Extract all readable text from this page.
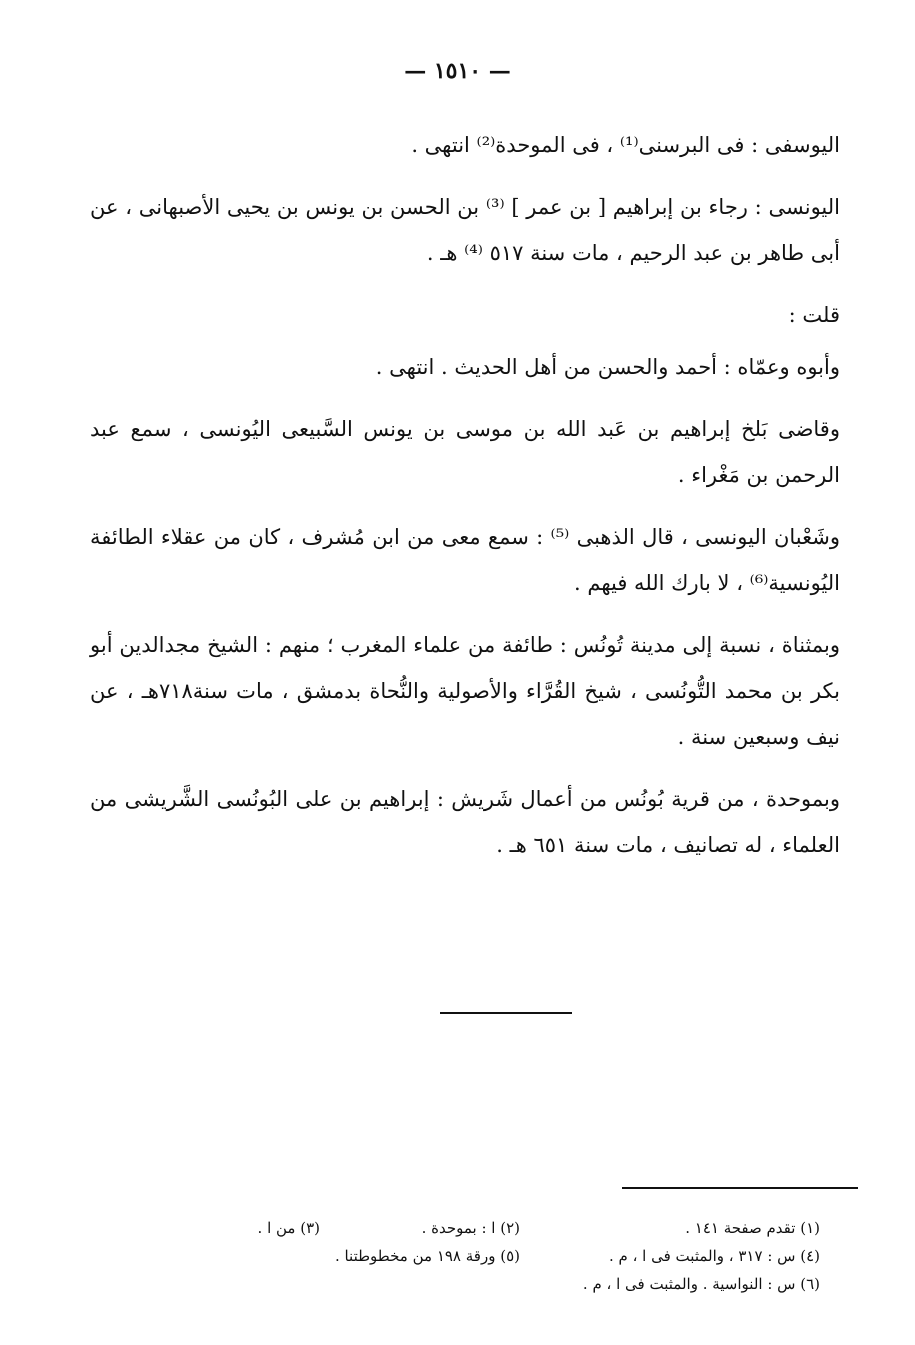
— ١٥١٠ —

اليوسفى : فى البرسنى⁽¹⁾ ، فى الموحدة⁽²⁾ انتهى .

اليونسى : رجاء بن إبراهيم [ بن عمر ] ⁽³⁾ بن الحسن بن يونس بن يحيى الأصبهانى ، عن أبى طاهر بن عبد الرحيم ، مات سنة ٥١٧ ⁽⁴⁾ هـ .

قلت :

وأبوه وعمّاه : أحمد والحسن من أهل الحديث . انتهى .

وقاضى بَلخ إبراهيم بن عَبد الله بن موسى بن يونس السَّبيعى اليُونسى ، سمع عبد الرحمن بن مَغْراء .

وشَعْبان اليونسى ، قال الذهبى ⁽⁵⁾ : سمع معى من ابن مُشرف ، كان من عقلاء الطائفة اليُونسية⁽⁶⁾ ، لا بارك الله فيهم .

وبمثناة ، نسبة إلى مدينة تُونُس : طائفة من علماء المغرب ؛ منهم : الشيخ مجدالدين أبو بكر بن محمد التُّونُسى ، شيخ القُرَّاء والأصولية والنُّحاة بدمشق ، مات سنة٧١٨هـ ، عن نيف وسبعين سنة .

وبموحدة ، من قرية بُونُس من أعمال شَريش : إبراهيم بن على البُونُسى الشَّريشى من العلماء ، له تصانيف ، مات سنة ٦٥١ هـ .

(١) تقدم صفحة ١٤١ .
(٢) ا : بموحدة .
(٣) من ا .
(٤) س : ٣١٧ ، والمثبت فى ا ، م .
(٥) ورقة ١٩٨ من مخطوطتنا .
(٦) س : النواسية . والمثبت فى ا ، م .
